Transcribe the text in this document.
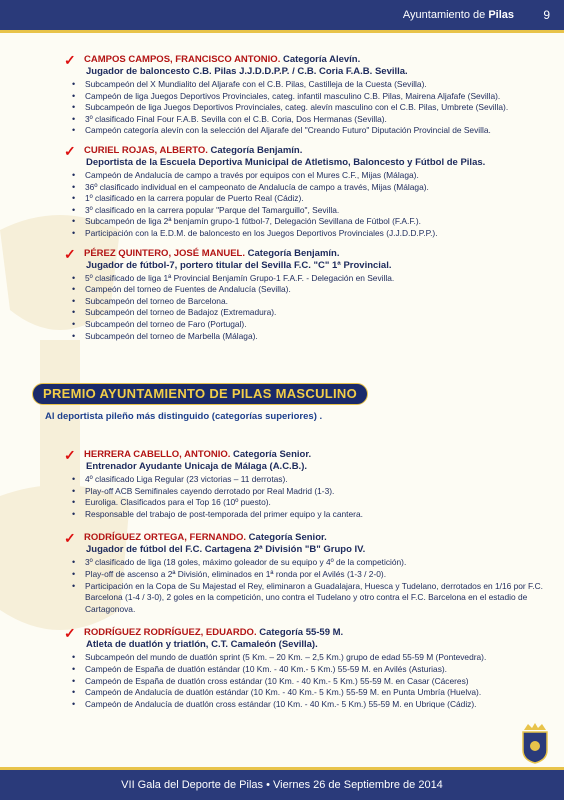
Ayuntamiento de Pilas 9
✓ CAMPOS CAMPOS, FRANCISCO ANTONIO. Categoría Alevín.
Jugador de baloncesto C.B. Pilas J.J.D.D.P.P. / C.B. Coria F.A.B. Sevilla.
• Subcampeón del X Mundialito del Aljarafe con el C.B. Pilas, Castilleja de la Cuesta (Sevilla).
• Campeón de liga Juegos Deportivos Provinciales, categ. infantil masculino C.B. Pilas, Mairena Aljafafe (Sevilla).
• Subcampeón de liga Juegos Deportivos Provinciales, categ. alevín masculino con el C.B. Pilas, Umbrete (Sevilla).
• 3º clasificado Final Four F.A.B. Sevilla con el C.B. Coria, Dos Hermanas (Sevilla).
• Campeón categoría alevín con la selección del Aljarafe del "Creando Futuro" Diputación Provincial de Sevilla.
✓ CURIEL ROJAS, ALBERTO. Categoría Benjamín.
Deportista de la Escuela Deportiva Municipal de Atletismo, Baloncesto y Fútbol de Pilas.
• Campeón de Andalucía de campo a través por equipos con el Mures C.F., Mijas (Málaga).
• 36º clasificado individual en el campeonato de Andalucía de campo a través, Mijas (Málaga).
• 1º clasificado en la carrera popular de Puerto Real (Cádiz).
• 3º clasificado en la carrera popular "Parque del Tamarguillo", Sevilla.
• Subcampeón de liga 2ª benjamín grupo-1 fútbol-7, Delegación Sevillana de Fútbol (F.A.F.).
• Participación con la E.D.M. de baloncesto en los Juegos Deportivos Provinciales (J.J.D.D.P.P.).
✓ PÉREZ QUINTERO, JOSÉ MANUEL. Categoría Benjamín.
Jugador de fútbol-7, portero titular del Sevilla F.C. "C" 1ª Provincial.
• 5º clasificado de liga 1ª Provincial Benjamín Grupo-1 F.A.F. - Delegación en Sevilla.
• Campeón del torneo de Fuentes de Andalucía (Sevilla).
• Subcampeón del torneo de Barcelona.
• Subcampeón del torneo de Badajoz (Extremadura).
• Subcampeón del torneo de Faro (Portugal).
• Subcampeón del torneo de Marbella (Málaga).
PREMIO AYUNTAMIENTO DE PILAS MASCULINO
Al deportista pileño más distinguido (categorías superiores) .
✓ HERRERA CABELLO, ANTONIO. Categoría Senior.
Entrenador Ayudante Unicaja de Málaga (A.C.B.).
• 4º clasificado Liga Regular (23 victorias – 11 derrotas).
• Play-off ACB Semifinales cayendo derrotado por Real Madrid (1-3).
• Euroliga. Clasificados para el Top 16 (10º puesto).
• Responsable del trabajo de post-temporada del primer equipo y la cantera.
✓ RODRÍGUEZ ORTEGA, FERNANDO. Categoría Senior.
Jugador de fútbol del F.C. Cartagena 2ª División "B" Grupo IV.
• 3º clasificado de liga (18 goles, máximo goleador de su equipo y 4º de la competición).
• Play-off de ascenso a 2ª División, eliminados en 1ª ronda por el Avilés (1-3 / 2-0).
• Participación en la Copa de Su Majestad el Rey, eliminaron a Guadalajara, Huesca y Tudelano, derrotados en 1/16 por F.C. Barcelona (1-4 / 3-0), 2 goles en la competición, uno contra el Tudelano y otro contra el F.C. Barcelona en el estadio de Cartagonova.
✓ RODRÍGUEZ RODRÍGUEZ, EDUARDO. Categoría 55-59 M.
Atleta de duatlón y triatlón, C.T. Camaleón (Sevilla).
• Subcampeón del mundo de duatlón sprint (5 Km. – 20 Km. – 2,5 Km.) grupo de edad 55-59 M (Pontevedra).
• Campeón de España de duatlón estándar (10 Km. - 40 Km.- 5 Km.) 55-59 M. en Avilés (Asturias).
• Campeón de España de duatlón cross estándar (10 Km. - 40 Km.- 5 Km.) 55-59 M. en Casar (Cáceres)
• Campeón de Andalucía de duatlón estándar (10 Km. - 40 Km.- 5 Km.) 55-59 M. en Punta Umbría (Huelva).
• Campeón de Andalucía de duatlón cross estándar (10 Km. - 40 Km.- 5 Km.) 55-59 M. en Ubrique (Cádiz).
VII Gala del Deporte de Pilas • Viernes 26 de Septiembre de 2014
